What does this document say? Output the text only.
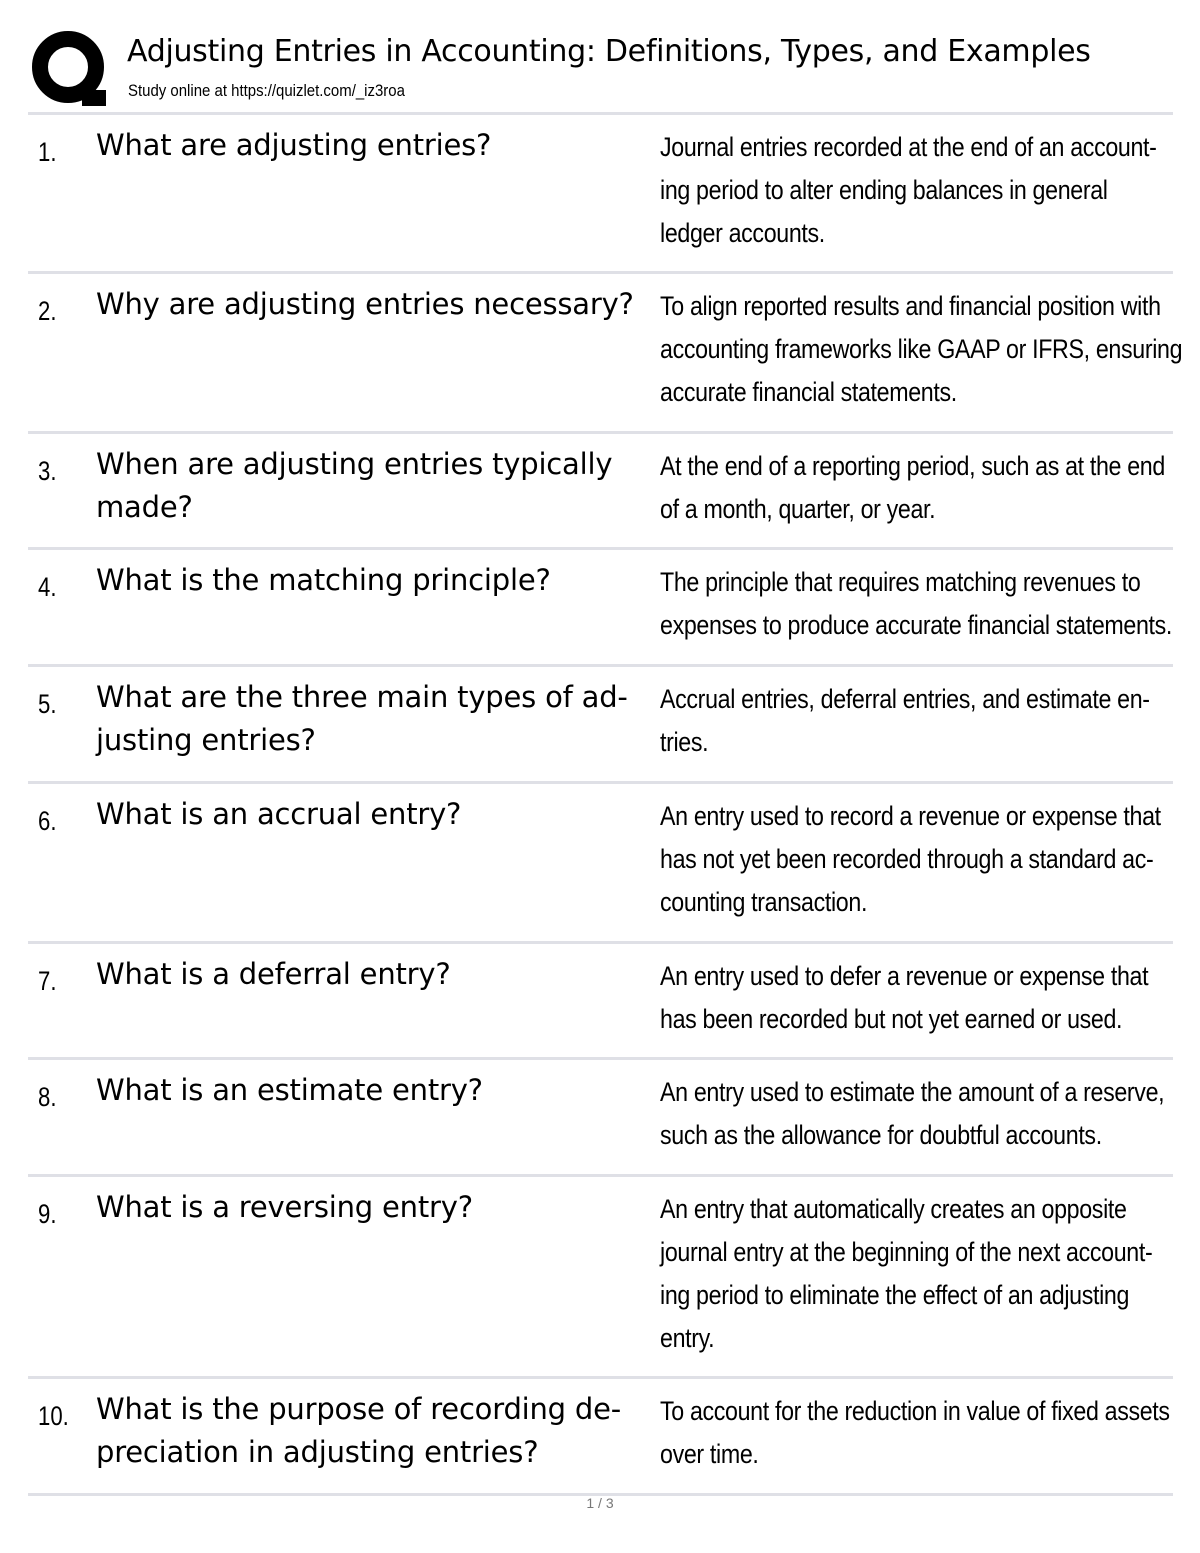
Adjusting Entries in Accounting: Definitions, Types, and Examples
Study online at https://quizlet.com/_iz3roa
1. What are adjusting entries?	Journal entries recorded at the end of an account-
ing period to alter ending balances in general
ledger accounts.
2. Why are adjusting entries necessary? To align reported results and financial position with
accounting frameworks like GAAP or IFRS, ensuring
accurate financial statements.
3. When are adjusting entries typically
made?
At the end of a reporting period, such as at the end
of a month, quarter, or year.
4. What is the matching principle?	The principle that requires matching revenues to
expenses to produce accurate financial statements.
5. What are the three main types of ad-
justing entries?
Accrual entries, deferral entries, and estimate en-
tries.
6. What is an accrual entry?	An entry used to record a revenue or expense that
has not yet been recorded through a standard ac-
counting transaction.
7. What is a deferral entry?	An entry used to defer a revenue or expense that
has been recorded but not yet earned or used.
8. What is an estimate entry?	An entry used to estimate the amount of a reserve,
such as the allowance for doubtful accounts.
9. What is a reversing entry?	An entry that automatically creates an opposite
journal entry at the beginning of the next account-
ing period to eliminate the effect of an adjusting
entry.
10. What is the purpose of recording de-
preciation in adjusting entries?
To account for the reduction in value of fixed assets
over time.
1 / 3
